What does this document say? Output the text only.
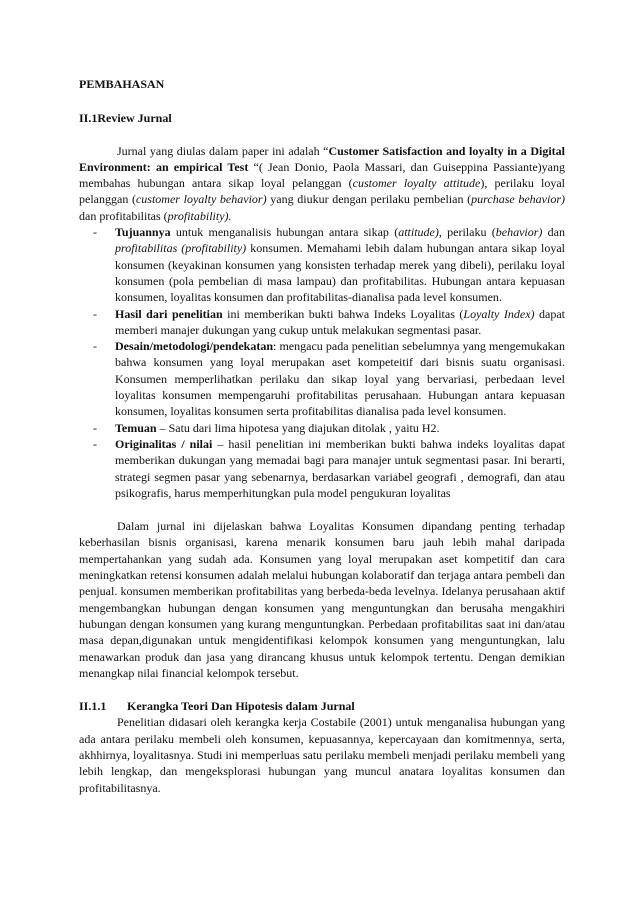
PEMBAHASAN

II.1Review Jurnal

Jurnal yang diulas dalam paper ini adalah “Customer Satisfaction and loyalty in a Digital Environment: an empirical Test “( Jean Donio, Paola Massari, dan Guiseppina Passiante)yang membahas hubungan antara sikap loyal pelanggan (customer loyalty attitude), perilaku loyal pelanggan (customer loyalty behavior) yang diukur dengan perilaku pembelian (purchase behavior) dan profitabilitas (profitability).

- Tujuannya untuk menganalisis hubungan antara sikap (attitude), perilaku (behavior) dan profitabilitas (profitability) konsumen. Memahami lebih dalam hubungan antara sikap loyal konsumen (keyakinan konsumen yang konsisten terhadap merek yang dibeli), perilaku loyal konsumen (pola pembelian di masa lampau) dan profitabilitas. Hubungan antara kepuasan konsumen, loyalitas konsumen dan profitabilitas-dianalisa pada level konsumen.
- Hasil dari penelitian ini memberikan bukti bahwa Indeks Loyalitas (Loyalty Index) dapat memberi manajer dukungan yang cukup untuk melakukan segmentasi pasar.
- Desain/metodologi/pendekatan: mengacu pada penelitian sebelumnya yang mengemukakan bahwa konsumen yang loyal merupakan aset kompeteitif dari bisnis suatu organisasi. Konsumen memperlihatkan perilaku dan sikap loyal yang bervariasi, perbedaan level loyalitas konsumen mempengaruhi profitabilitas perusahaan. Hubungan antara kepuasan konsumen, loyalitas konsumen serta profitabilitas dianalisa pada level konsumen.
- Temuan – Satu dari lima hipotesa yang diajukan ditolak , yaitu H2.
- Originalitas / nilai – hasil penelitian ini memberikan bukti bahwa indeks loyalitas dapat memberikan dukungan yang memadai bagi para manajer untuk segmentasi pasar. Ini berarti, strategi segmen pasar yang sebenarnya, berdasarkan variabel geografi , demografi, dan atau psikografis, harus memperhitungkan pula model pengukuran loyalitas

Dalam jurnal ini dijelaskan bahwa Loyalitas Konsumen dipandang penting terhadap keberhasilan bisnis organisasi, karena menarik konsumen baru jauh lebih mahal daripada mempertahankan yang sudah ada. Konsumen yang loyal merupakan aset kompetitif dan cara meningkatkan retensi konsumen adalah melalui hubungan kolaboratif dan terjaga antara pembeli dan penjual. konsumen memberikan profitabilitas yang berbeda-beda levelnya. Idelanya perusahaan aktif mengembangkan hubungan dengan konsumen yang menguntungkan dan berusaha mengakhiri hubungan dengan konsumen yang kurang menguntungkan. Perbedaan profitabilitas saat ini dan/atau masa depan,digunakan untuk mengidentifikasi kelompok konsumen yang menguntungkan, lalu menawarkan produk dan jasa yang dirancang khusus untuk kelompok tertentu. Dengan demikian menangkap nilai financial kelompok tersebut.

II.1.1 Kerangka Teori Dan Hipotesis dalam Jurnal

Penelitian didasari oleh kerangka kerja Costabile (2001) untuk menganalisa hubungan yang ada antara perilaku membeli oleh konsumen, kepuasannya, kepercayaan dan komitmennya, serta, akhhirnya, loyalitasnya. Studi ini memperluas satu perilaku membeli menjadi perilaku membeli yang lebih lengkap, dan mengeksplorasi hubungan yang muncul anatara loyalitas konsumen dan profitabilitasnya.
